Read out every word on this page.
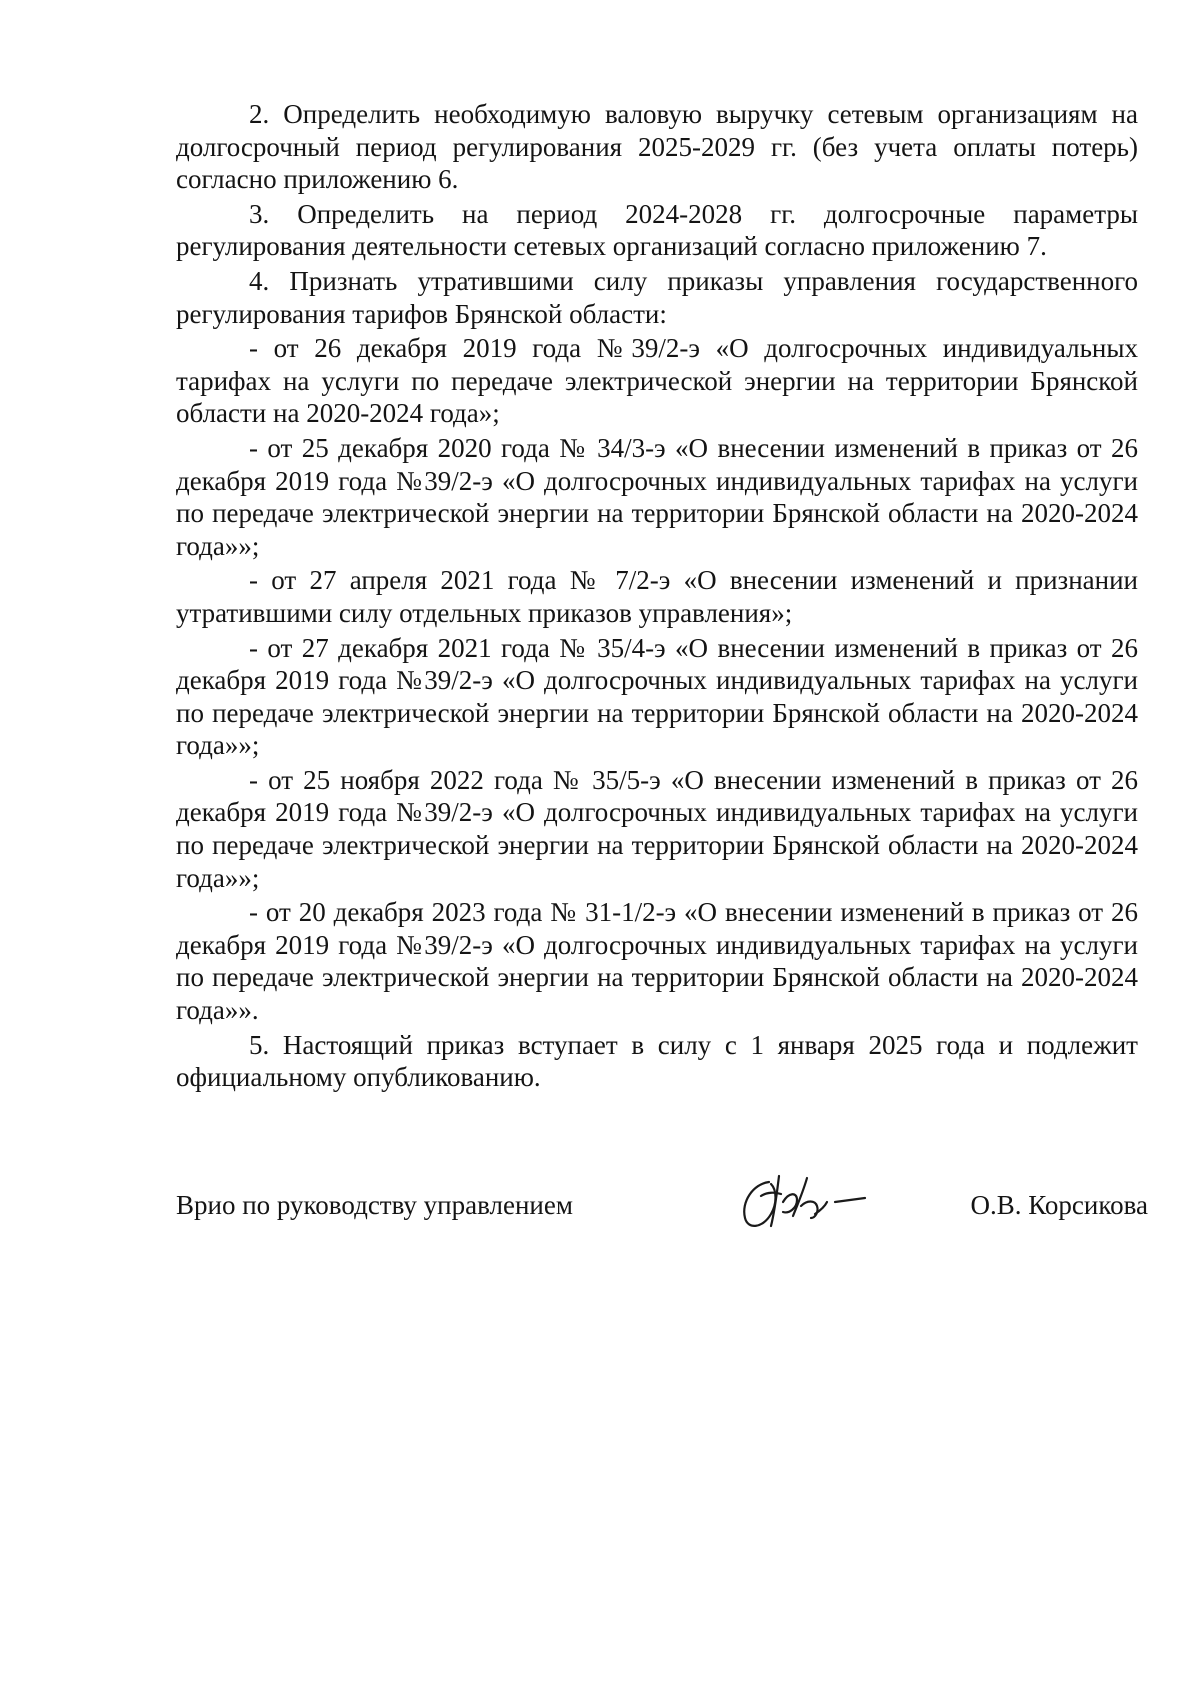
2. Определить необходимую валовую выручку сетевым организациям на долгосрочный период регулирования 2025-2029 гг. (без учета оплаты потерь) согласно приложению 6.

3. Определить на период 2024-2028 гг. долгосрочные параметры регулирования деятельности сетевых организаций согласно приложению 7.

4. Признать утратившими силу приказы управления государственного регулирования тарифов Брянской области:

- от 26 декабря 2019 года №39/2-э «О долгосрочных индивидуальных тарифах на услуги по передаче электрической энергии на территории Брянской области на 2020-2024 года»;

- от 25 декабря 2020 года № 34/3-э «О внесении изменений в приказ от 26 декабря 2019 года №39/2-э «О долгосрочных индивидуальных тарифах на услуги по передаче электрической энергии на территории Брянской области на 2020-2024 года»»;

- от 27 апреля 2021 года № 7/2-э «О внесении изменений и признании утратившими силу отдельных приказов управления»;

- от 27 декабря 2021 года № 35/4-э «О внесении изменений в приказ от 26 декабря 2019 года №39/2-э «О долгосрочных индивидуальных тарифах на услуги по передаче электрической энергии на территории Брянской области на 2020-2024 года»»;

- от 25 ноября 2022 года № 35/5-э «О внесении изменений в приказ от 26 декабря 2019 года №39/2-э «О долгосрочных индивидуальных тарифах на услуги по передаче электрической энергии на территории Брянской области на 2020-2024 года»»;

- от 20 декабря 2023 года № 31-1/2-э «О внесении изменений в приказ от 26 декабря 2019 года №39/2-э «О долгосрочных индивидуальных тарифах на услуги по передаче электрической энергии на территории Брянской области на 2020-2024 года»».

5. Настоящий приказ вступает в силу с 1 января 2025 года и подлежит официальному опубликованию.

Врио по руководству управлением	О.В. Корсикова
